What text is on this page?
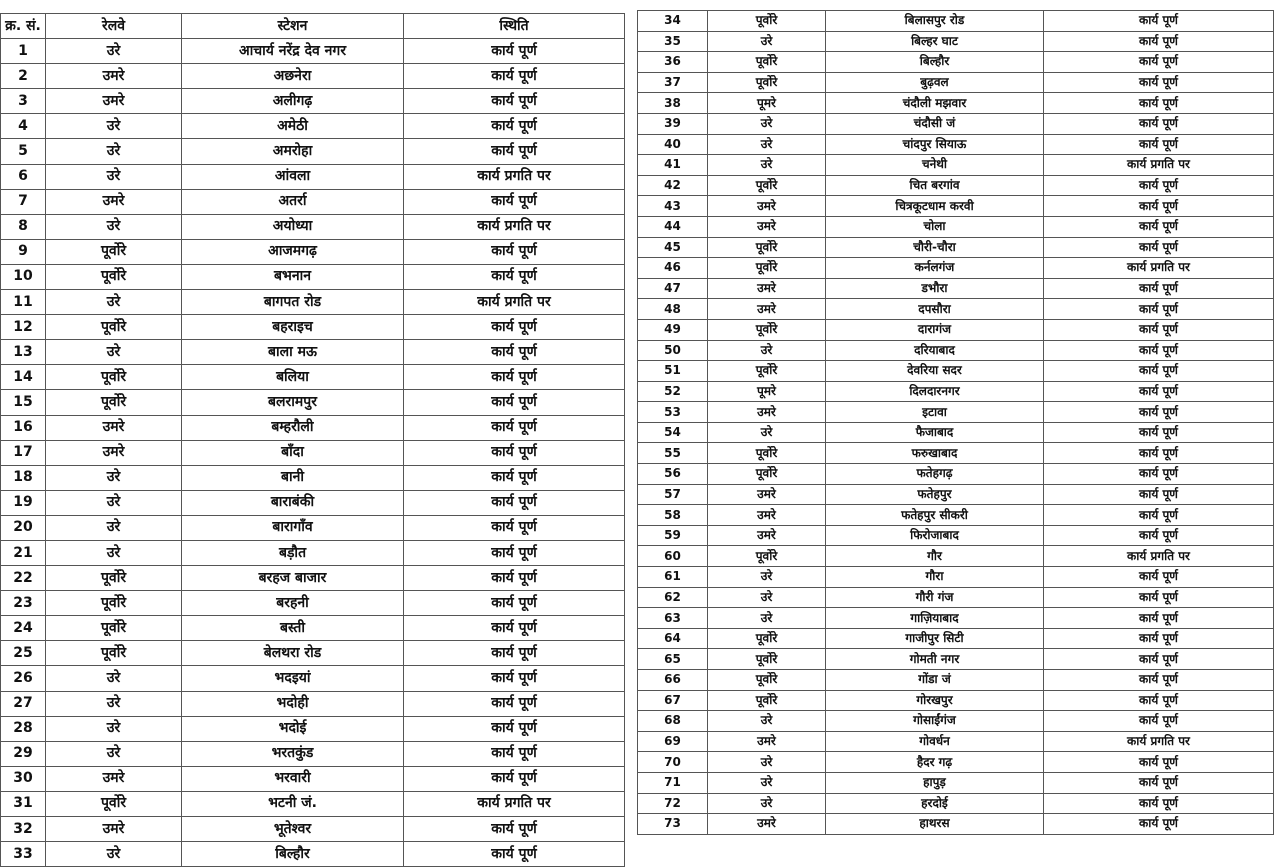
क्र. सं.	रेलवे	स्टेशन	स्थिति
1	उरे	आचार्य नरेंद्र देव नगर	कार्य पूर्ण
2	उमरे	अछनेरा	कार्य पूर्ण
3	उमरे	अलीगढ़	कार्य पूर्ण
4	उरे	अमेठी	कार्य पूर्ण
5	उरे	अमरोहा	कार्य पूर्ण
6	उरे	आंवला	कार्य प्रगति पर
7	उमरे	अतर्रा	कार्य पूर्ण
8	उरे	अयोध्या	कार्य प्रगति पर
9	पूर्वोरे	आजमगढ़	कार्य पूर्ण
10	पूर्वोरे	बभनान	कार्य पूर्ण
11	उरे	बागपत रोड	कार्य प्रगति पर
12	पूर्वोरे	बहराइच	कार्य पूर्ण
13	उरे	बाला मऊ	कार्य पूर्ण
14	पूर्वोरे	बलिया	कार्य पूर्ण
15	पूर्वोरे	बलरामपुर	कार्य पूर्ण
16	उमरे	बम्हरौली	कार्य पूर्ण
17	उमरे	बाँदा	कार्य पूर्ण
18	उरे	बानी	कार्य पूर्ण
19	उरे	बाराबंकी	कार्य पूर्ण
20	उरे	बारागाँव	कार्य पूर्ण
21	उरे	बड़ौत	कार्य पूर्ण
22	पूर्वोरे	बरहज बाजार	कार्य पूर्ण
23	पूर्वोरे	बरहनी	कार्य पूर्ण
24	पूर्वोरे	बस्ती	कार्य पूर्ण
25	पूर्वोरे	बेलथरा रोड	कार्य पूर्ण
26	उरे	भदइयां	कार्य पूर्ण
27	उरे	भदोही	कार्य पूर्ण
28	उरे	भदोई	कार्य पूर्ण
29	उरे	भरतकुंड	कार्य पूर्ण
30	उमरे	भरवारी	कार्य पूर्ण
31	पूर्वोरे	भटनी जं.	कार्य प्रगति पर
32	उमरे	भूतेश्वर	कार्य पूर्ण
33	उरे	बिल्हौर	कार्य पूर्ण
34	पूर्वोरे	बिलासपुर रोड	कार्य पूर्ण
35	उरे	बिल्हर घाट	कार्य पूर्ण
36	पूर्वोरे	बिल्हौर	कार्य पूर्ण
37	पूर्वोरे	बुढ़वल	कार्य पूर्ण
38	पूमरे	चंदौली मझवार	कार्य पूर्ण
39	उरे	चंदौसी जं	कार्य पूर्ण
40	उरे	चांदपुर सियाऊ	कार्य पूर्ण
41	उरे	चनेथी	कार्य प्रगति पर
42	पूर्वोरे	चित बरगांव	कार्य पूर्ण
43	उमरे	चित्रकूटधाम करवी	कार्य पूर्ण
44	उमरे	चोला	कार्य पूर्ण
45	पूर्वोरे	चौरी-चौरा	कार्य पूर्ण
46	पूर्वोरे	कर्नलगंज	कार्य प्रगति पर
47	उमरे	डभौरा	कार्य पूर्ण
48	उमरे	दपसौरा	कार्य पूर्ण
49	पूर्वोरे	दारागंज	कार्य पूर्ण
50	उरे	दरियाबाद	कार्य पूर्ण
51	पूर्वोरे	देवरिया सदर	कार्य पूर्ण
52	पूमरे	दिलदारनगर	कार्य पूर्ण
53	उमरे	इटावा	कार्य पूर्ण
54	उरे	फैजाबाद	कार्य पूर्ण
55	पूर्वोरे	फरुखाबाद	कार्य पूर्ण
56	पूर्वोरे	फतेहगढ़	कार्य पूर्ण
57	उमरे	फतेहपुर	कार्य पूर्ण
58	उमरे	फतेहपुर सीकरी	कार्य पूर्ण
59	उमरे	फिरोजाबाद	कार्य पूर्ण
60	पूर्वोरे	गौर	कार्य प्रगति पर
61	उरे	गौरा	कार्य पूर्ण
62	उरे	गौरी गंज	कार्य पूर्ण
63	उरे	गाज़ियाबाद	कार्य पूर्ण
64	पूर्वोरे	गाजीपुर सिटी	कार्य पूर्ण
65	पूर्वोरे	गोमती नगर	कार्य पूर्ण
66	पूर्वोरे	गोंडा जं	कार्य पूर्ण
67	पूर्वोरे	गोरखपुर	कार्य पूर्ण
68	उरे	गोसाईंगंज	कार्य पूर्ण
69	उमरे	गोवर्धन	कार्य प्रगति पर
70	उरे	हैदर गढ़	कार्य पूर्ण
71	उरे	हापुड़	कार्य पूर्ण
72	उरे	हरदोई	कार्य पूर्ण
73	उमरे	हाथरस	कार्य पूर्ण
